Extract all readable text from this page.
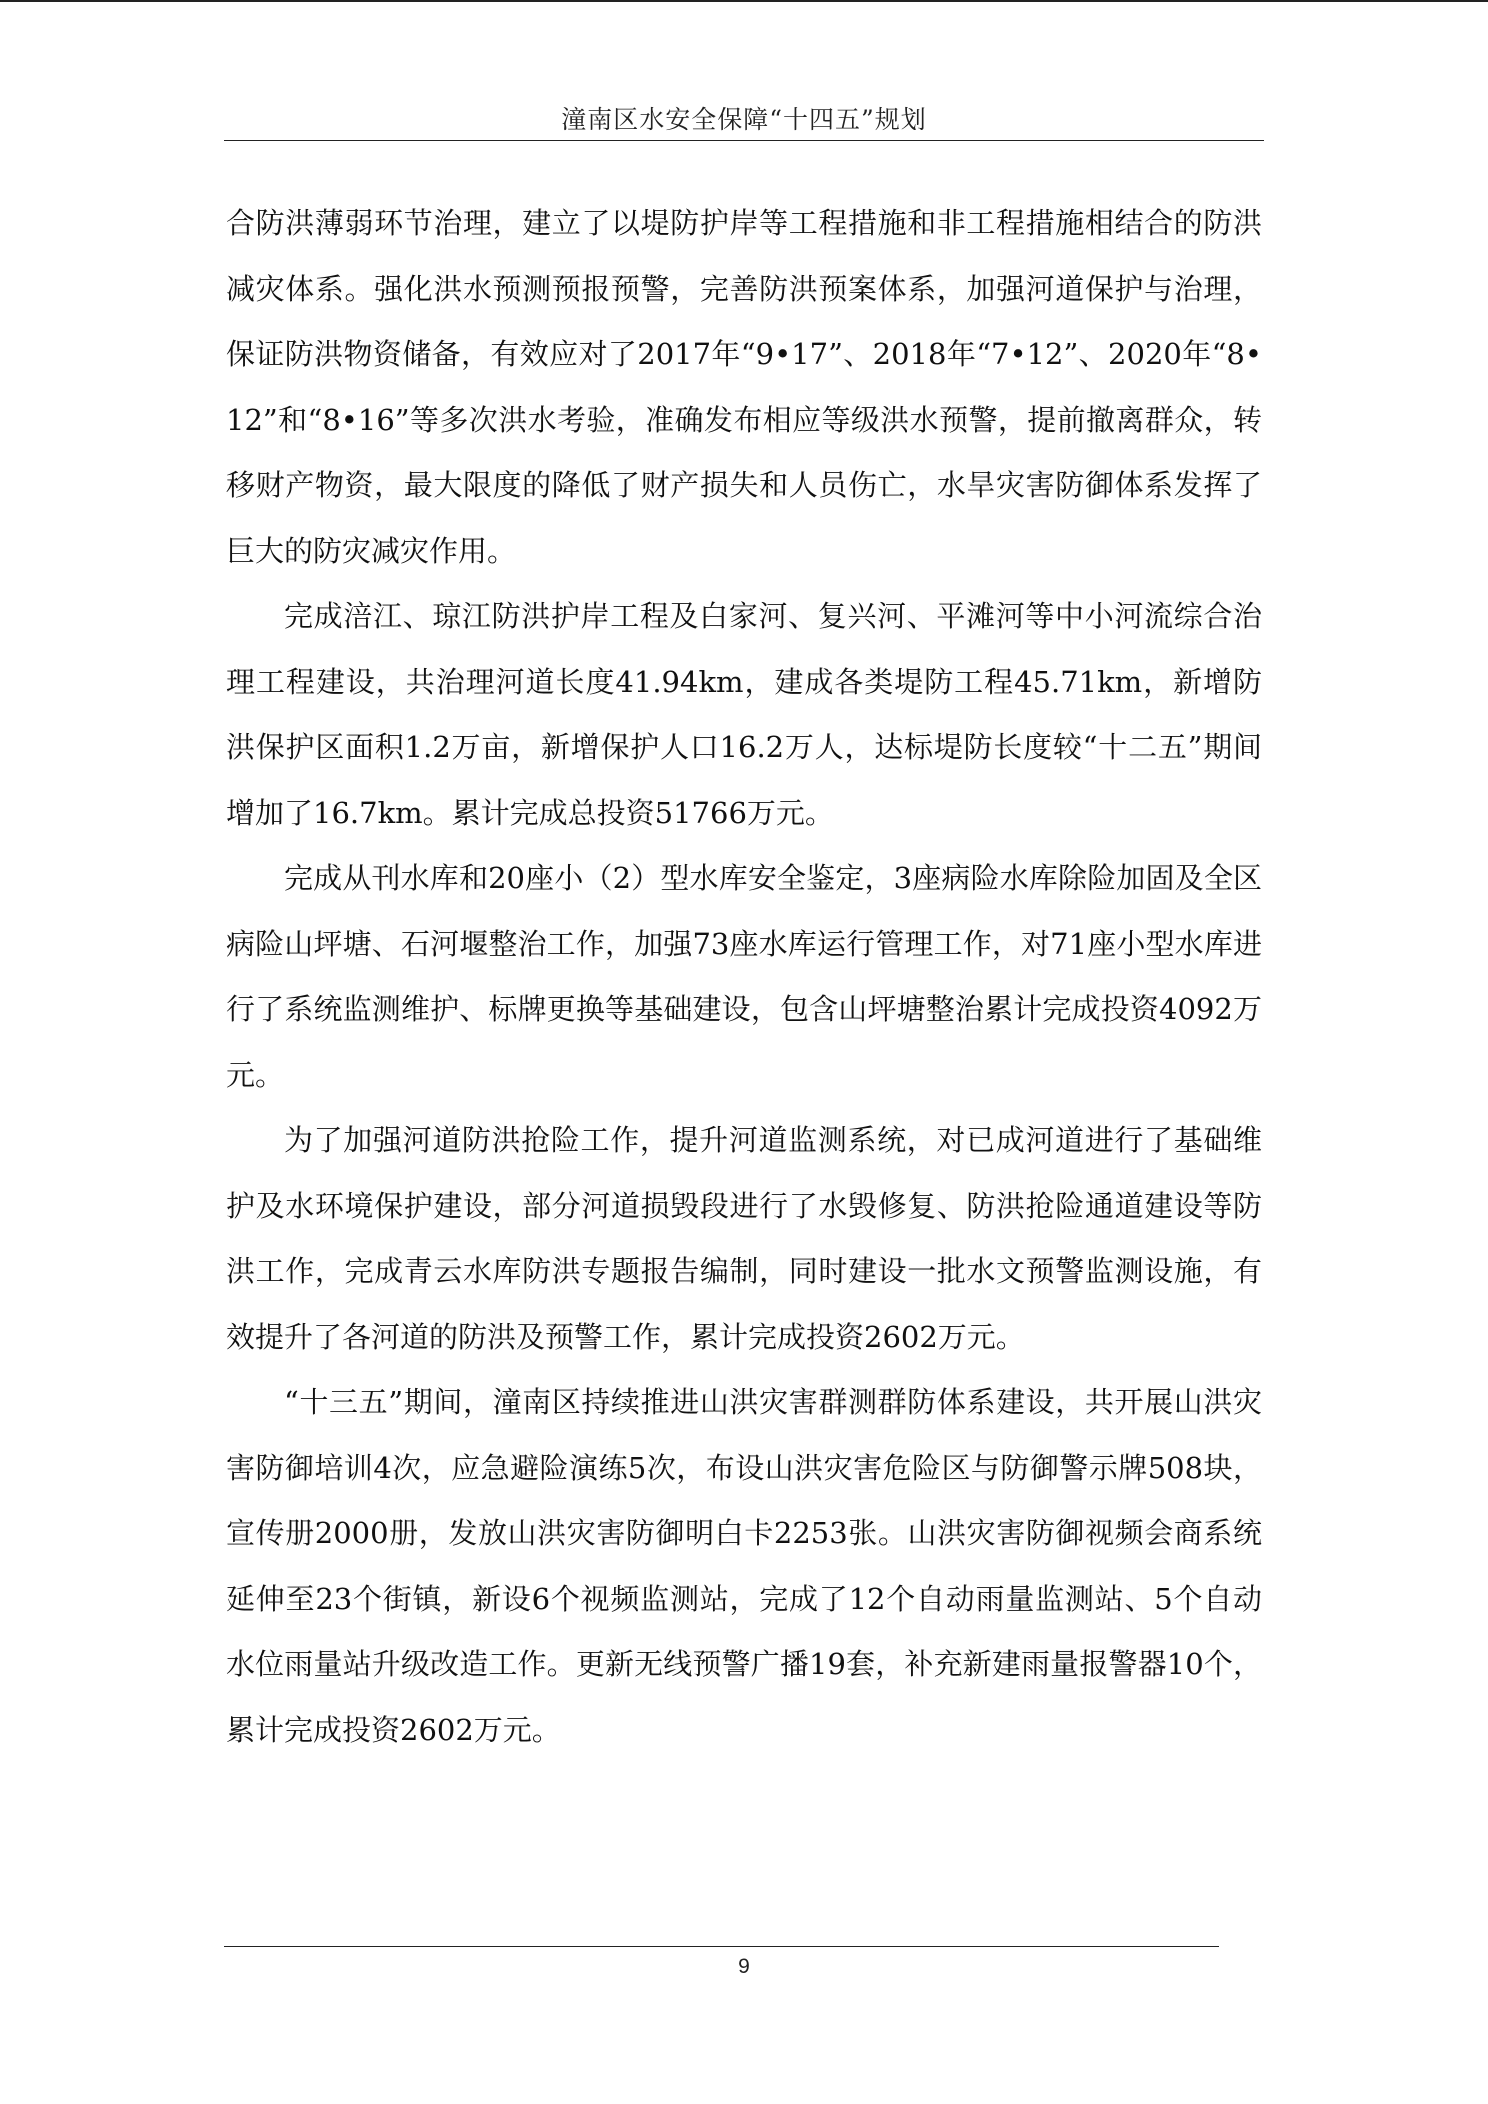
潼南区水安全保障“十四五”规划

合防洪薄弱环节治理，建立了以堤防护岸等工程措施和非工程措施相结合的防洪减灾体系。强化洪水预测预报预警，完善防洪预案体系，加强河道保护与治理，保证防洪物资储备，有效应对了2017年“9•17”、2018年“7•12”、2020年“8•12”和“8•16”等多次洪水考验，准确发布相应等级洪水预警，提前撤离群众，转移财产物资，最大限度的降低了财产损失和人员伤亡，水旱灾害防御体系发挥了巨大的防灾减灾作用。

完成涪江、琼江防洪护岸工程及白家河、复兴河、平滩河等中小河流综合治理工程建设，共治理河道长度41.94km，建成各类堤防工程45.71km，新增防洪保护区面积1.2万亩，新增保护人口16.2万人，达标堤防长度较“十二五”期间增加了16.7km。累计完成总投资51766万元。

完成从刊水库和20座小（2）型水库安全鉴定，3座病险水库除险加固及全区病险山坪塘、石河堰整治工作，加强73座水库运行管理工作，对71座小型水库进行了系统监测维护、标牌更换等基础建设，包含山坪塘整治累计完成投资4092万元。

为了加强河道防洪抢险工作，提升河道监测系统，对已成河道进行了基础维护及水环境保护建设，部分河道损毁段进行了水毁修复、防洪抢险通道建设等防洪工作，完成青云水库防洪专题报告编制，同时建设一批水文预警监测设施，有效提升了各河道的防洪及预警工作，累计完成投资2602万元。

“十三五”期间，潼南区持续推进山洪灾害群测群防体系建设，共开展山洪灾害防御培训4次，应急避险演练5次，布设山洪灾害危险区与防御警示牌508块，宣传册2000册，发放山洪灾害防御明白卡2253张。山洪灾害防御视频会商系统延伸至23个街镇，新设6个视频监测站，完成了12个自动雨量监测站、5个自动水位雨量站升级改造工作。更新无线预警广播19套，补充新建雨量报警器10个，累计完成投资2602万元。

9
